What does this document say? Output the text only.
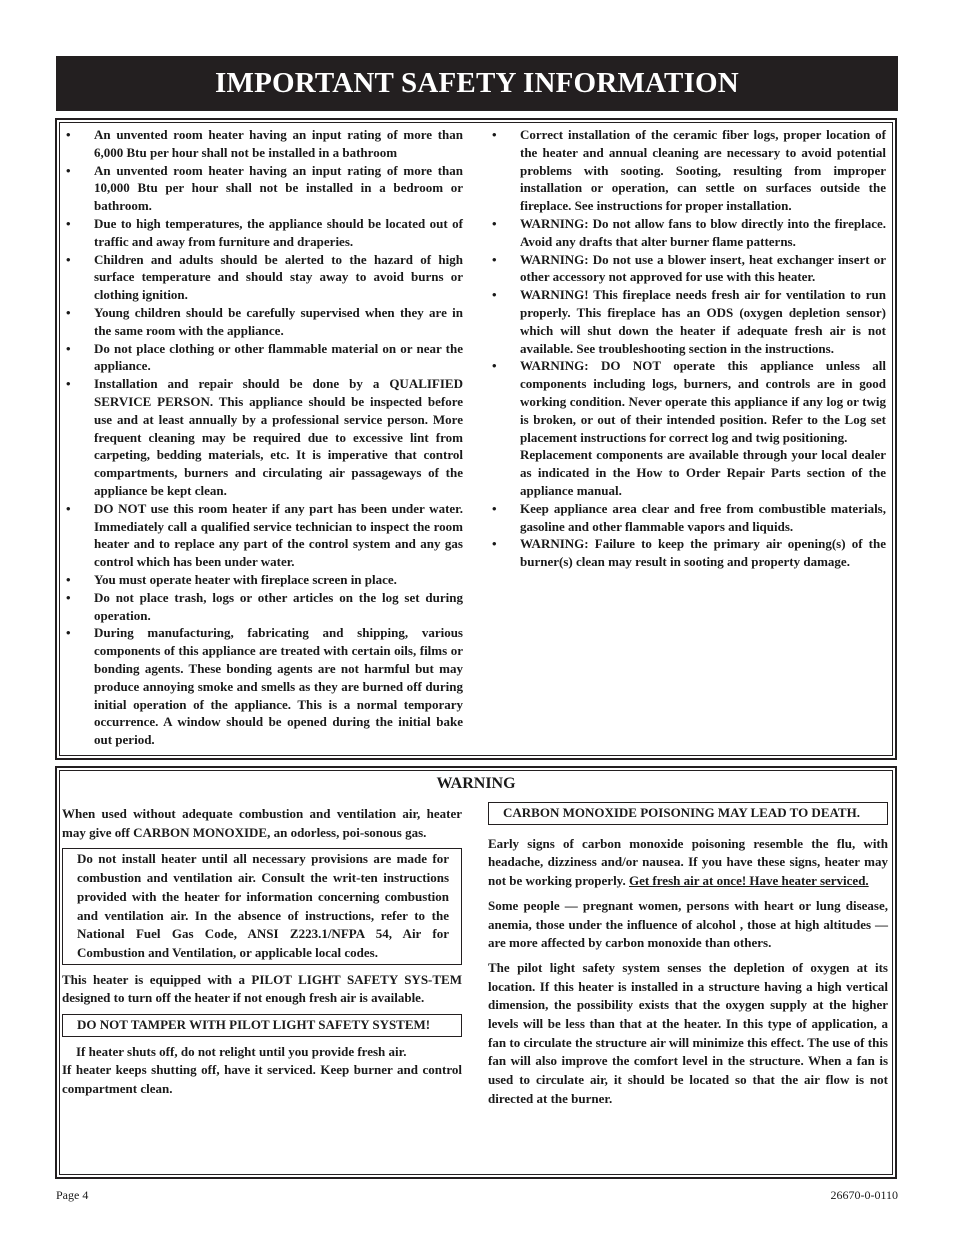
IMPORTANT SAFETY INFORMATION
• An unvented room heater having an input rating of more than 6,000 Btu per hour shall not be installed in a bathroom
• An unvented room heater having an input rating of more than 10,000 Btu per hour shall not be installed in a bedroom or bathroom.
• Due to high temperatures, the appliance should be located out of traffic and away from furniture and draperies.
• Children and adults should be alerted to the hazard of high surface temperature and should stay away to avoid burns or clothing ignition.
• Young children should be carefully supervised when they are in the same room with the appliance.
• Do not place clothing or other flammable material on or near the appliance.
• Installation and repair should be done by a QUALIFIED SERVICE PERSON. This appliance should be inspected before use and at least annually by a professional service person. More frequent cleaning may be required due to excessive lint from carpeting, bedding materials, etc. It is imperative that control compartments, burners and circulating air passageways of the appliance be kept clean.
• DO NOT use this room heater if any part has been under water. Immediately call a qualified service technician to inspect the room heater and to replace any part of the control system and any gas control which has been under water.
• You must operate heater with fireplace screen in place.
• Do not place trash, logs or other articles on the log set during operation.
• During manufacturing, fabricating and shipping, various components of this appliance are treated with certain oils, films or bonding agents. These bonding agents are not harmful but may produce annoying smoke and smells as they are burned off during initial operation of the appliance. This is a normal temporary occurrence. A window should be opened during the initial bake out period.
• Correct installation of the ceramic fiber logs, proper location of the heater and annual cleaning are necessary to avoid potential problems with sooting. Sooting, resulting from improper installation or operation, can settle on surfaces outside the fireplace. See instructions for proper installation.
• WARNING: Do not allow fans to blow directly into the fireplace. Avoid any drafts that alter burner flame patterns.
• WARNING: Do not use a blower insert, heat exchanger insert or other accessory not approved for use with this heater.
• WARNING! This fireplace needs fresh air for ventilation to run properly. This fireplace has an ODS (oxygen depletion sensor) which will shut down the heater if adequate fresh air is not available. See troubleshooting section in the instructions.
• WARNING: DO NOT operate this appliance unless all components including logs, burners, and controls are in good working condition. Never operate this appliance if any log or twig is broken, or out of their intended position. Refer to the Log set placement instructions for correct log and twig positioning.
Replacement components are available through your local dealer as indicated in the How to Order Repair Parts section of the appliance manual.
• Keep appliance area clear and free from combustible materials, gasoline and other flammable vapors and liquids.
• WARNING: Failure to keep the primary air opening(s) of the burner(s) clean may result in sooting and property damage.
WARNING
When used without adequate combustion and ventilation air, heater may give off CARBON MONOXIDE, an odorless, poi-sonous gas.
Do not install heater until all necessary provisions are made for combustion and ventilation air. Consult the writ-ten instructions provided with the heater for information concerning combustion and ventilation air. In the absence of instructions, refer to the National Fuel Gas Code, ANSI Z223.1/NFPA 54, Air for Combustion and Ventilation, or applicable local codes.
This heater is equipped with a PILOT LIGHT SAFETY SYS-TEM designed to turn off the heater if not enough fresh air is available.
DO NOT TAMPER WITH PILOT LIGHT SAFETY SYSTEM!
If heater shuts off, do not relight until you provide fresh air.
If heater keeps shutting off, have it serviced. Keep burner and control compartment clean.
CARBON MONOXIDE POISONING MAY LEAD TO DEATH.
Early signs of carbon monoxide poisoning resemble the flu, with headache, dizziness and/or nausea. If you have these signs, heater may not be working properly. Get fresh air at once! Have heater serviced.
Some people — pregnant women, persons with heart or lung disease, anemia, those under the influence of alcohol , those at high altitudes — are more affected by carbon monoxide than others.
The pilot light safety system senses the depletion of oxygen at its location. If this heater is installed in a structure having a high vertical dimension, the possibility exists that the oxygen supply at the higher levels will be less than that at the heater. In this type of application, a fan to circulate the structure air will minimize this effect. The use of this fan will also improve the comfort level in the structure. When a fan is used to circulate air, it should be located so that the air flow is not directed at the burner.
Page 4	26670-0-0110
